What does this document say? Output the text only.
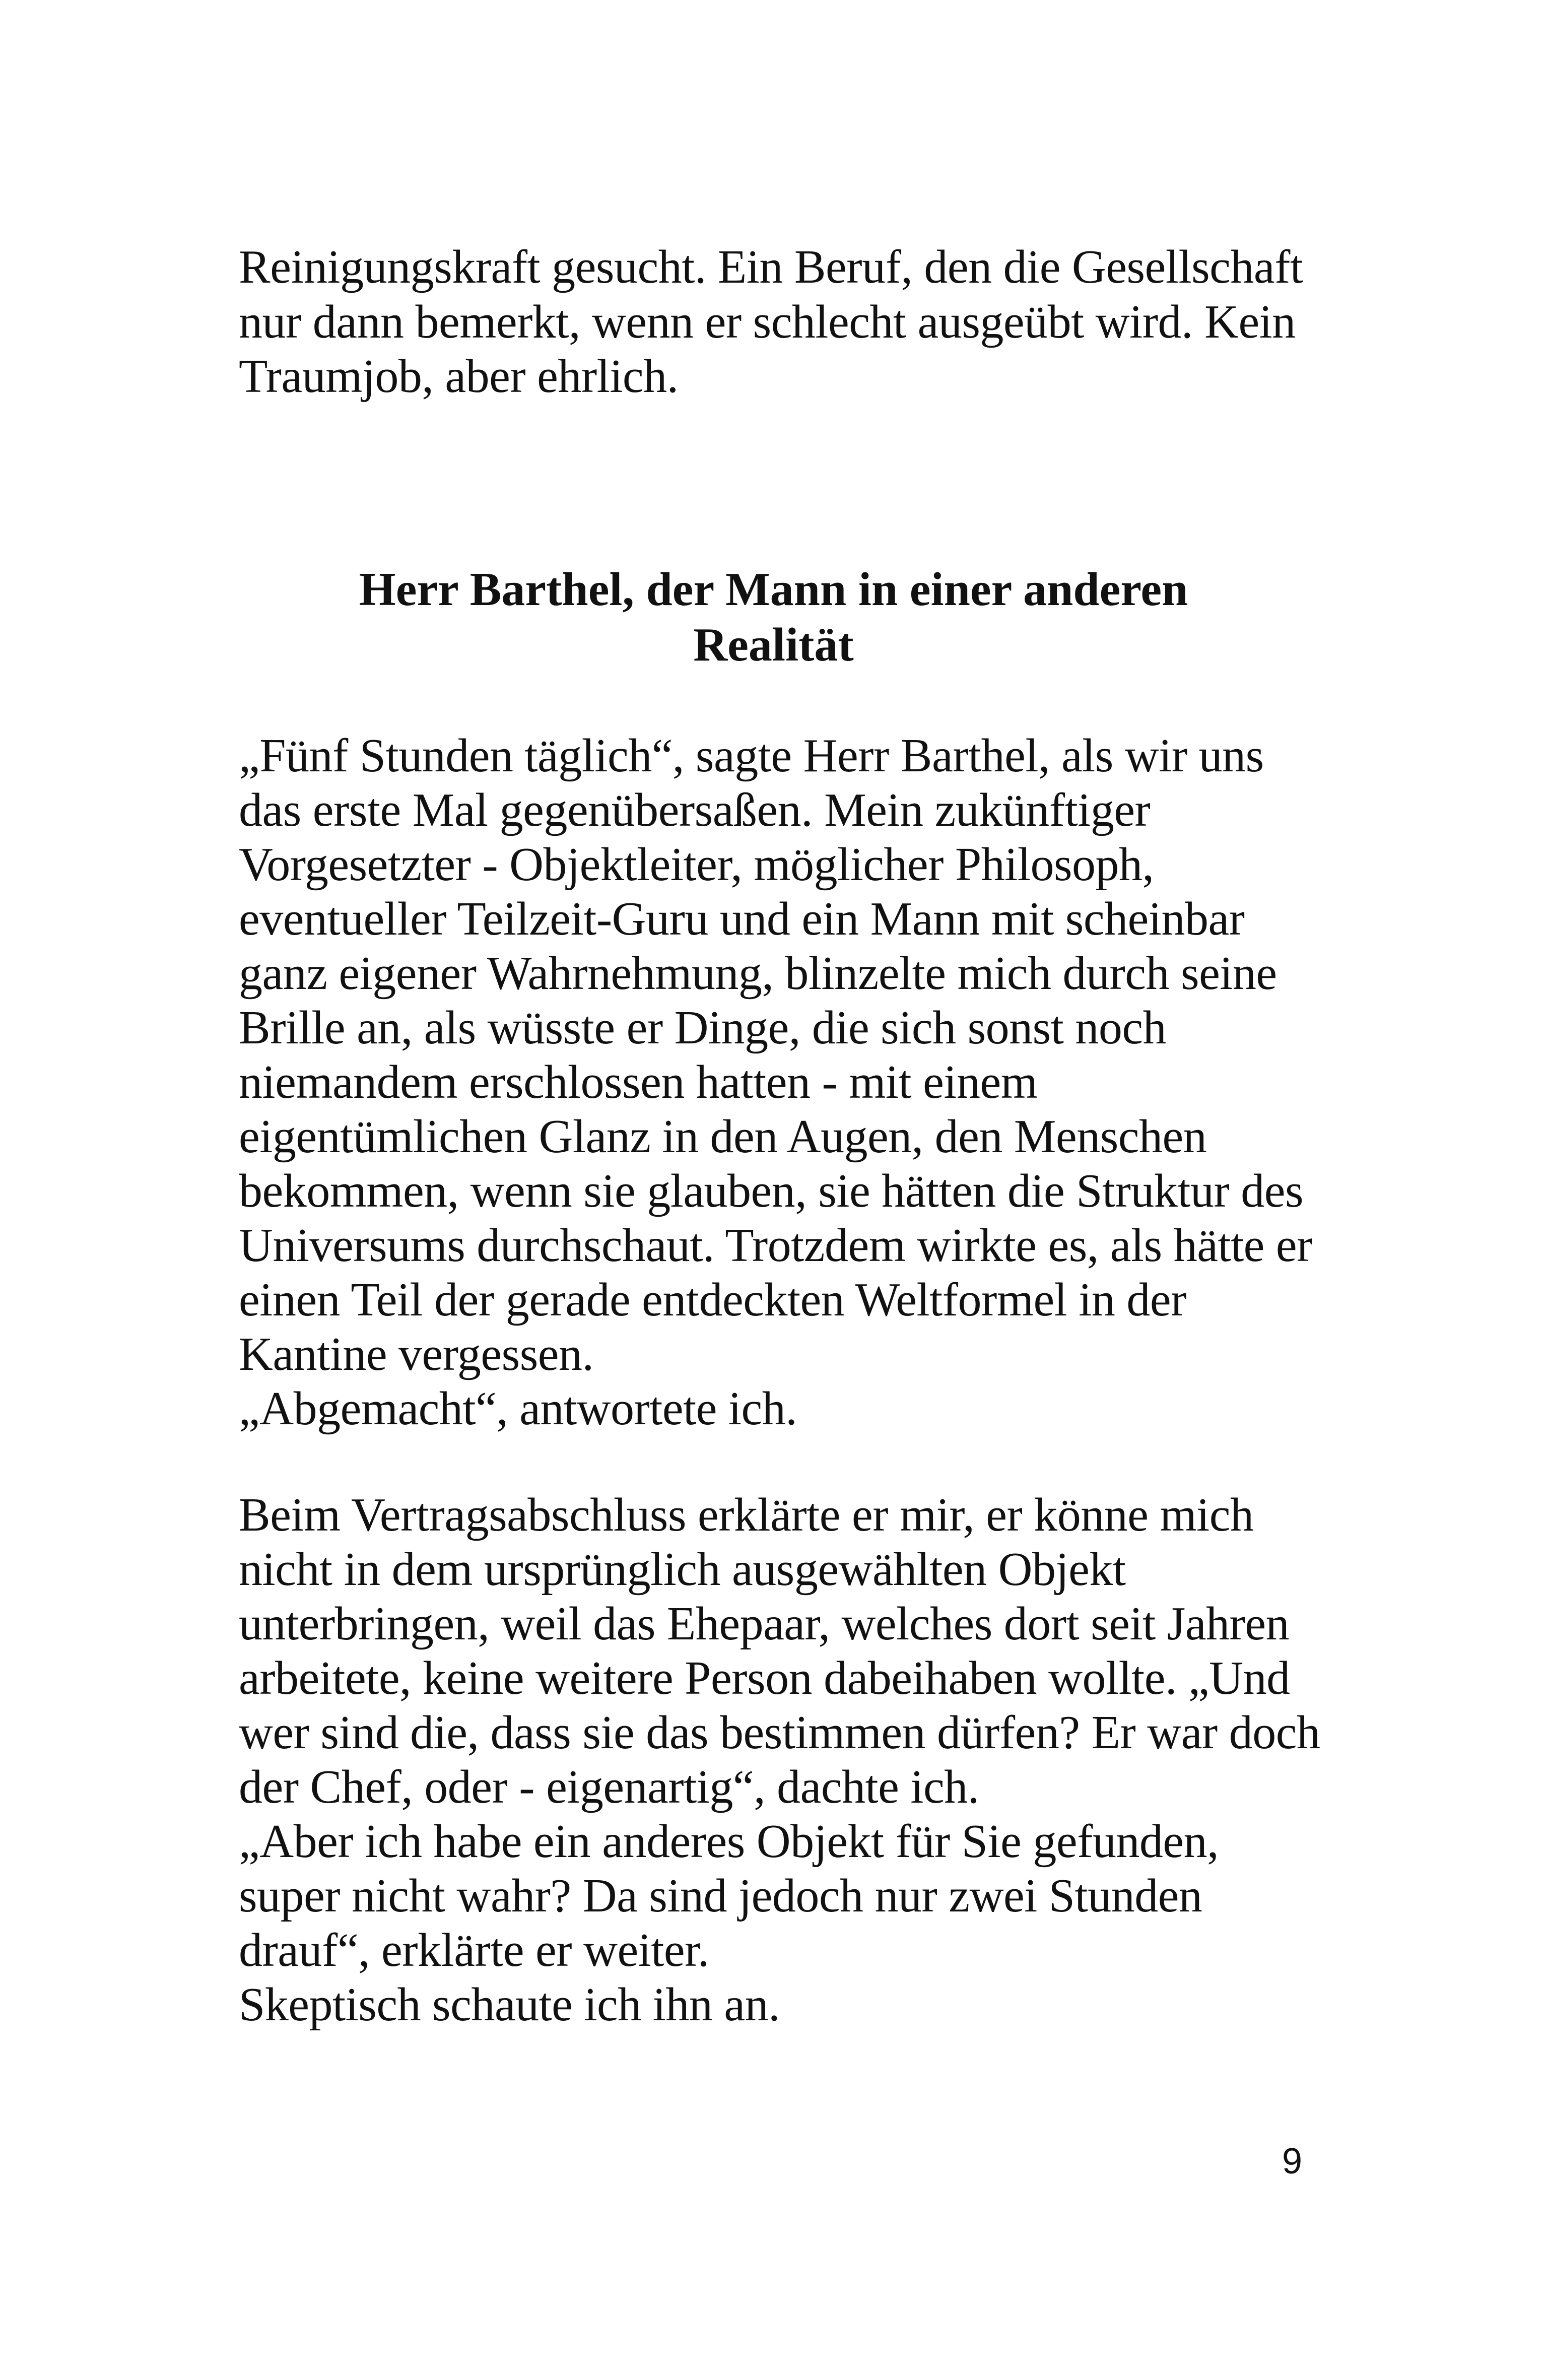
Reinigungskraft gesucht. Ein Beruf, den die Gesellschaft
nur dann bemerkt, wenn er schlecht ausgeübt wird. Kein
Traumjob, aber ehrlich.
Herr Barthel, der Mann in einer anderen
Realität
„Fünf Stunden täglich“, sagte Herr Barthel, als wir uns
das erste Mal gegenübersaßen. Mein zukünftiger
Vorgesetzter - Objektleiter, möglicher Philosoph,
eventueller Teilzeit-Guru und ein Mann mit scheinbar
ganz eigener Wahrnehmung, blinzelte mich durch seine
Brille an, als wüsste er Dinge, die sich sonst noch
niemandem erschlossen hatten - mit einem
eigentümlichen Glanz in den Augen, den Menschen
bekommen, wenn sie glauben, sie hätten die Struktur des
Universums durchschaut. Trotzdem wirkte es, als hätte er
einen Teil der gerade entdeckten Weltformel in der
Kantine vergessen.
„Abgemacht“, antwortete ich.
Beim Vertragsabschluss erklärte er mir, er könne mich
nicht in dem ursprünglich ausgewählten Objekt
unterbringen, weil das Ehepaar, welches dort seit Jahren
arbeitete, keine weitere Person dabeihaben wollte. „Und
wer sind die, dass sie das bestimmen dürfen? Er war doch
der Chef, oder - eigenartig“, dachte ich.
„Aber ich habe ein anderes Objekt für Sie gefunden,
super nicht wahr? Da sind jedoch nur zwei Stunden
drauf“, erklärte er weiter.
Skeptisch schaute ich ihn an.
9
